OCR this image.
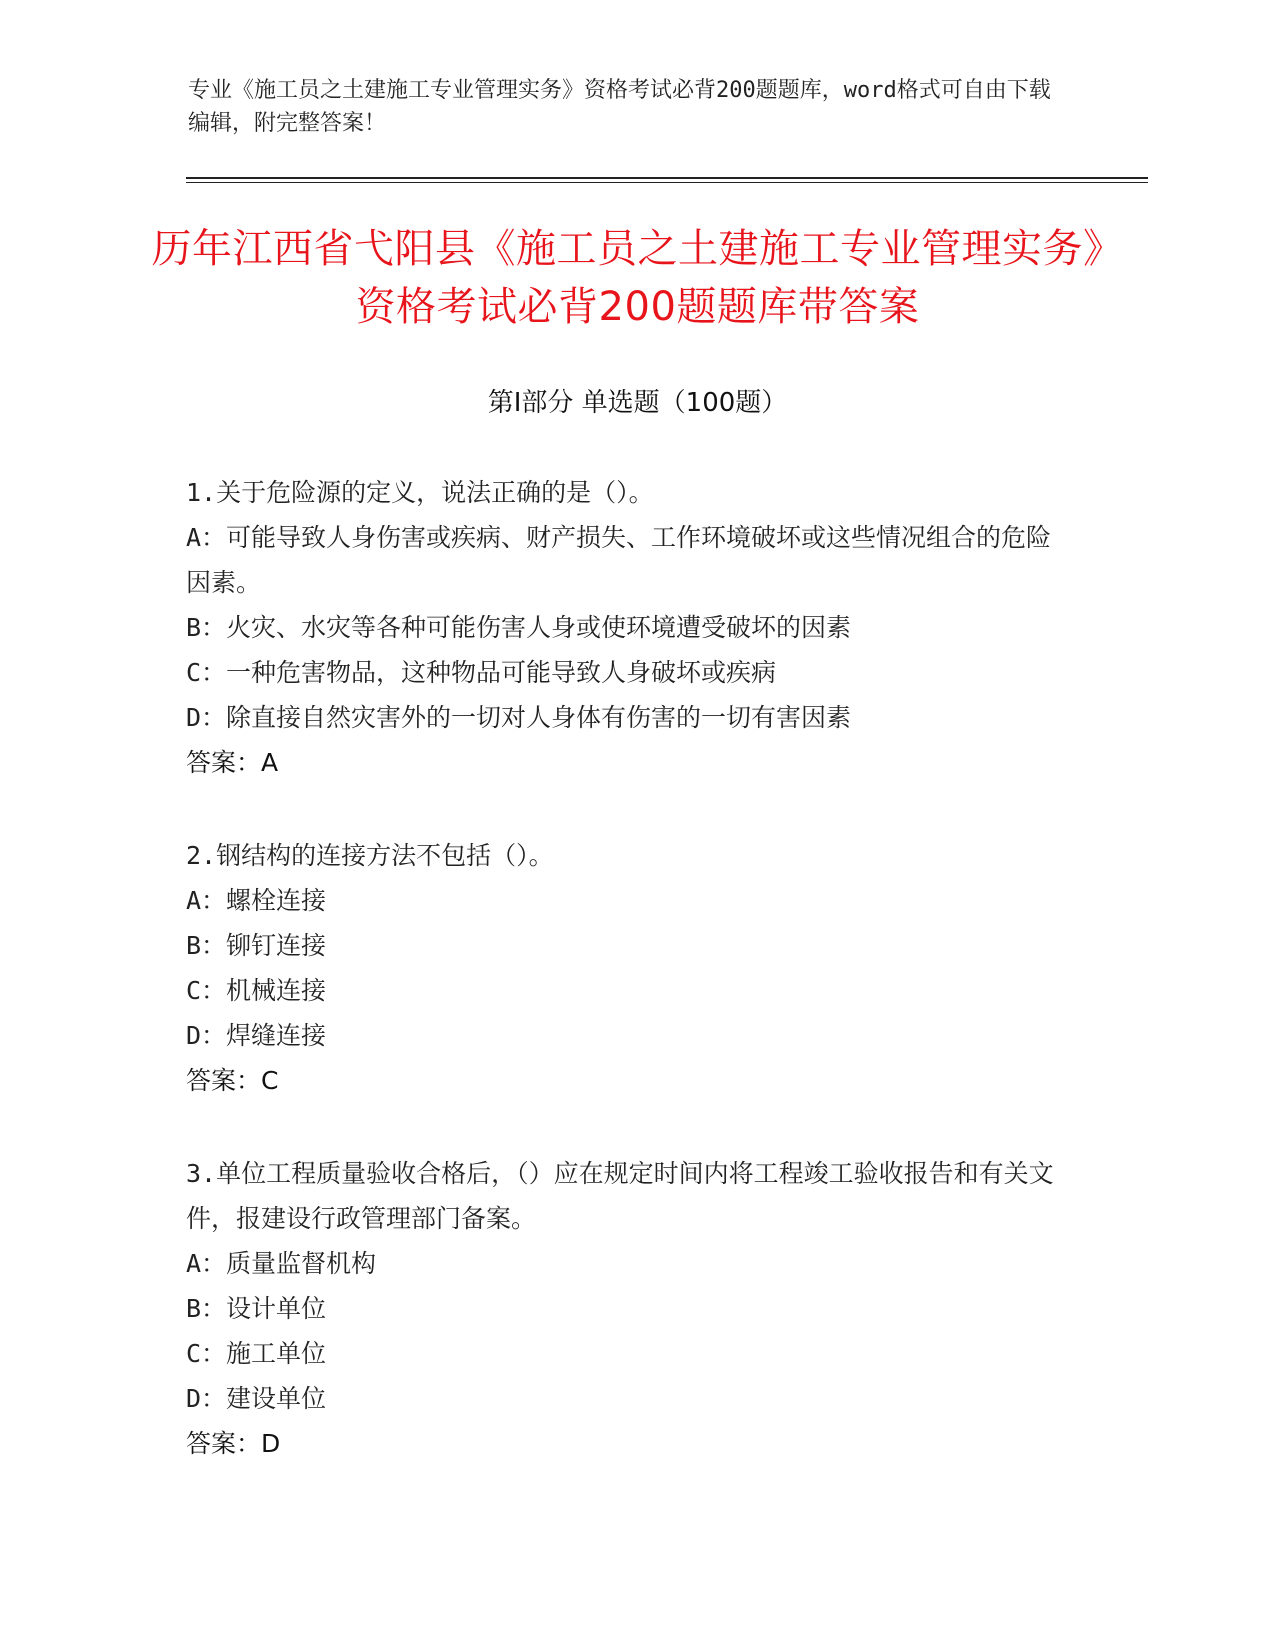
专业《施工员之土建施工专业管理实务》资格考试必背200题题库，word格式可自由下载编辑，附完整答案！
历年江西省弋阳县《施工员之土建施工专业管理实务》资格考试必背200题题库带答案
第Ⅰ部分 单选题（100题）
1.关于危险源的定义，说法正确的是（）。
A：可能导致人身伤害或疾病、财产损失、工作环境破坏或这些情况组合的危险因素。
B：火灾、水灾等各种可能伤害人身或使环境遭受破坏的因素
C：一种危害物品，这种物品可能导致人身破坏或疾病
D：除直接自然灾害外的一切对人身体有伤害的一切有害因素
答案：A
2.钢结构的连接方法不包括（）。
A：螺栓连接
B：铆钉连接
C：机械连接
D：焊缝连接
答案：C
3.单位工程质量验收合格后，（）应在规定时间内将工程竣工验收报告和有关文件，报建设行政管理部门备案。
A：质量监督机构
B：设计单位
C：施工单位
D：建设单位
答案：D
